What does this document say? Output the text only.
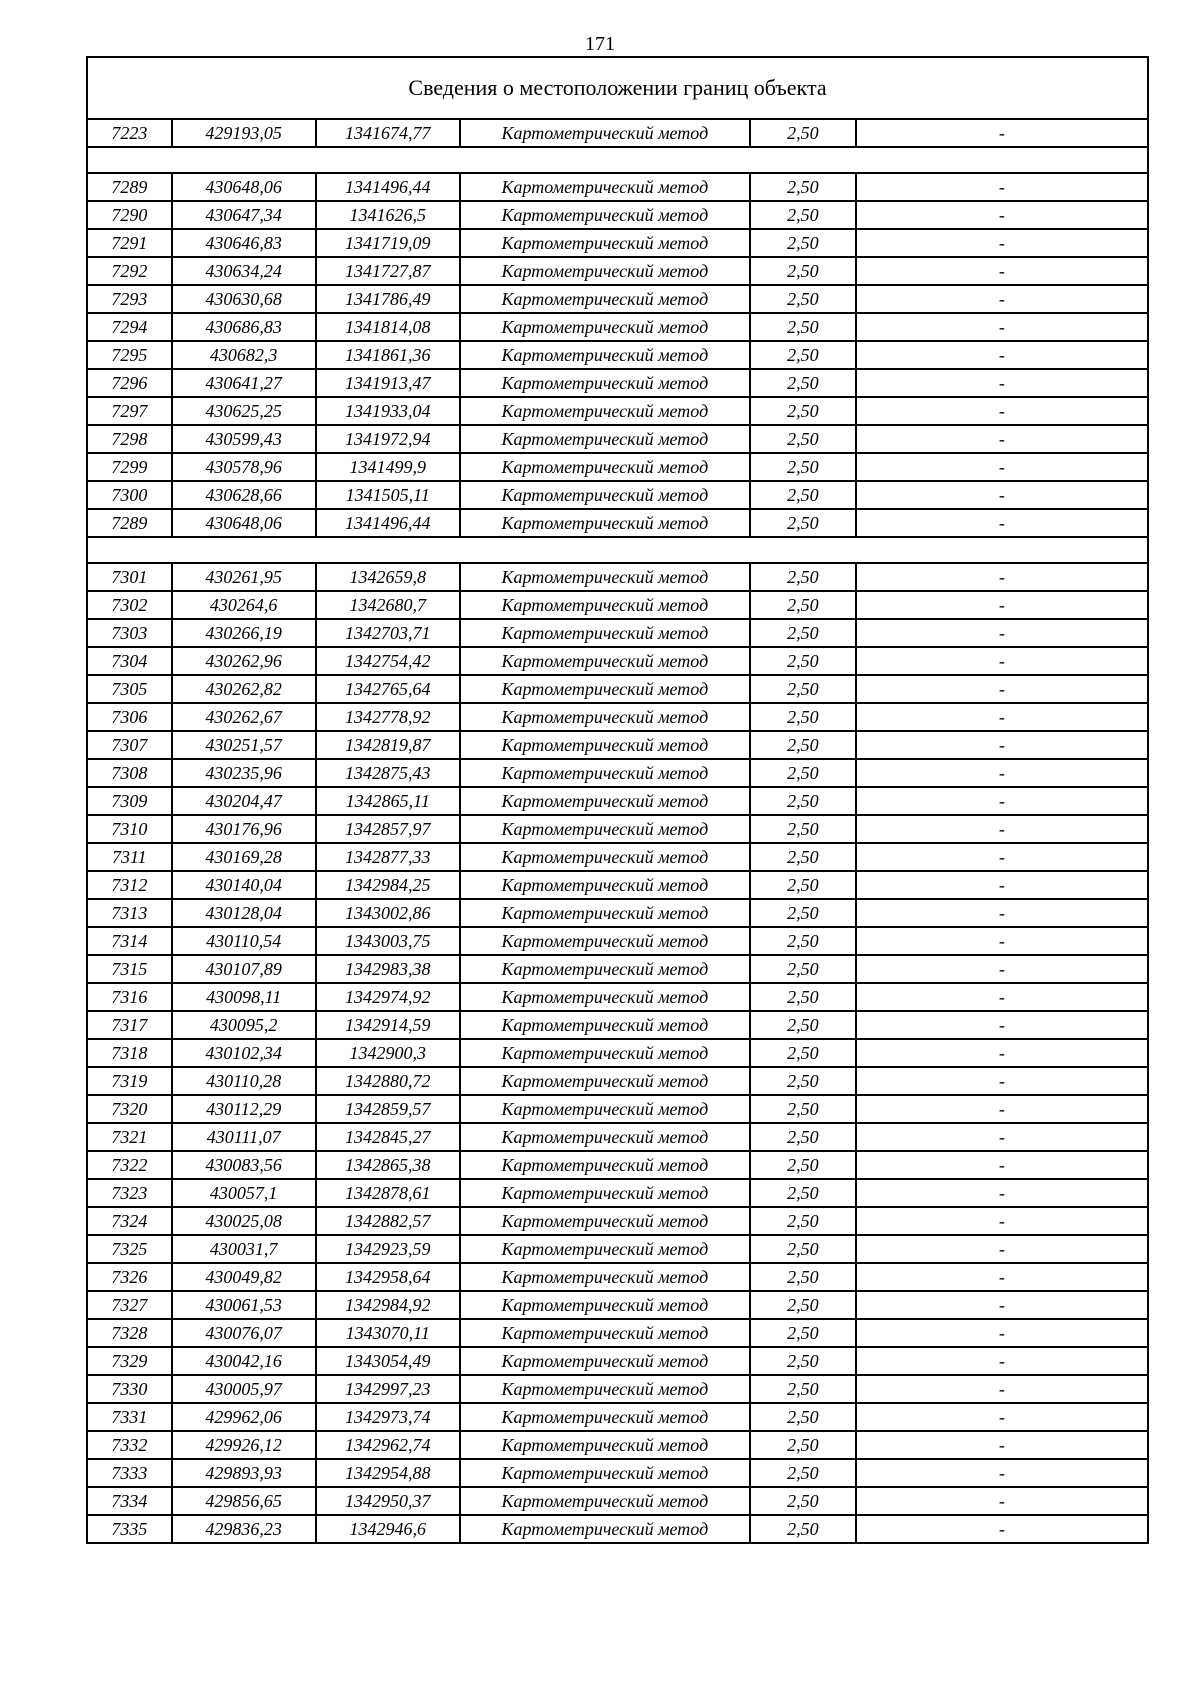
171
Сведения о местоположении границ объекта					
7223	429193,05	1341674,77	Картометрический метод	2,50	-

7289	430648,06	1341496,44	Картометрический метод	2,50	-
7290	430647,34	1341626,5	Картометрический метод	2,50	-
7291	430646,83	1341719,09	Картометрический метод	2,50	-
7292	430634,24	1341727,87	Картометрический метод	2,50	-
7293	430630,68	1341786,49	Картометрический метод	2,50	-
7294	430686,83	1341814,08	Картометрический метод	2,50	-
7295	430682,3	1341861,36	Картометрический метод	2,50	-
7296	430641,27	1341913,47	Картометрический метод	2,50	-
7297	430625,25	1341933,04	Картометрический метод	2,50	-
7298	430599,43	1341972,94	Картометрический метод	2,50	-
7299	430578,96	1341499,9	Картометрический метод	2,50	-
7300	430628,66	1341505,11	Картометрический метод	2,50	-
7289	430648,06	1341496,44	Картометрический метод	2,50	-

7301	430261,95	1342659,8	Картометрический метод	2,50	-
7302	430264,6	1342680,7	Картометрический метод	2,50	-
7303	430266,19	1342703,71	Картометрический метод	2,50	-
7304	430262,96	1342754,42	Картометрический метод	2,50	-
7305	430262,82	1342765,64	Картометрический метод	2,50	-
7306	430262,67	1342778,92	Картометрический метод	2,50	-
7307	430251,57	1342819,87	Картометрический метод	2,50	-
7308	430235,96	1342875,43	Картометрический метод	2,50	-
7309	430204,47	1342865,11	Картометрический метод	2,50	-
7310	430176,96	1342857,97	Картометрический метод	2,50	-
7311	430169,28	1342877,33	Картометрический метод	2,50	-
7312	430140,04	1342984,25	Картометрический метод	2,50	-
7313	430128,04	1343002,86	Картометрический метод	2,50	-
7314	430110,54	1343003,75	Картометрический метод	2,50	-
7315	430107,89	1342983,38	Картометрический метод	2,50	-
7316	430098,11	1342974,92	Картометрический метод	2,50	-
7317	430095,2	1342914,59	Картометрический метод	2,50	-
7318	430102,34	1342900,3	Картометрический метод	2,50	-
7319	430110,28	1342880,72	Картометрический метод	2,50	-
7320	430112,29	1342859,57	Картометрический метод	2,50	-
7321	430111,07	1342845,27	Картометрический метод	2,50	-
7322	430083,56	1342865,38	Картометрический метод	2,50	-
7323	430057,1	1342878,61	Картометрический метод	2,50	-
7324	430025,08	1342882,57	Картометрический метод	2,50	-
7325	430031,7	1342923,59	Картометрический метод	2,50	-
7326	430049,82	1342958,64	Картометрический метод	2,50	-
7327	430061,53	1342984,92	Картометрический метод	2,50	-
7328	430076,07	1343070,11	Картометрический метод	2,50	-
7329	430042,16	1343054,49	Картометрический метод	2,50	-
7330	430005,97	1342997,23	Картометрический метод	2,50	-
7331	429962,06	1342973,74	Картометрический метод	2,50	-
7332	429926,12	1342962,74	Картометрический метод	2,50	-
7333	429893,93	1342954,88	Картометрический метод	2,50	-
7334	429856,65	1342950,37	Картометрический метод	2,50	-
7335	429836,23	1342946,6	Картометрический метод	2,50	-
